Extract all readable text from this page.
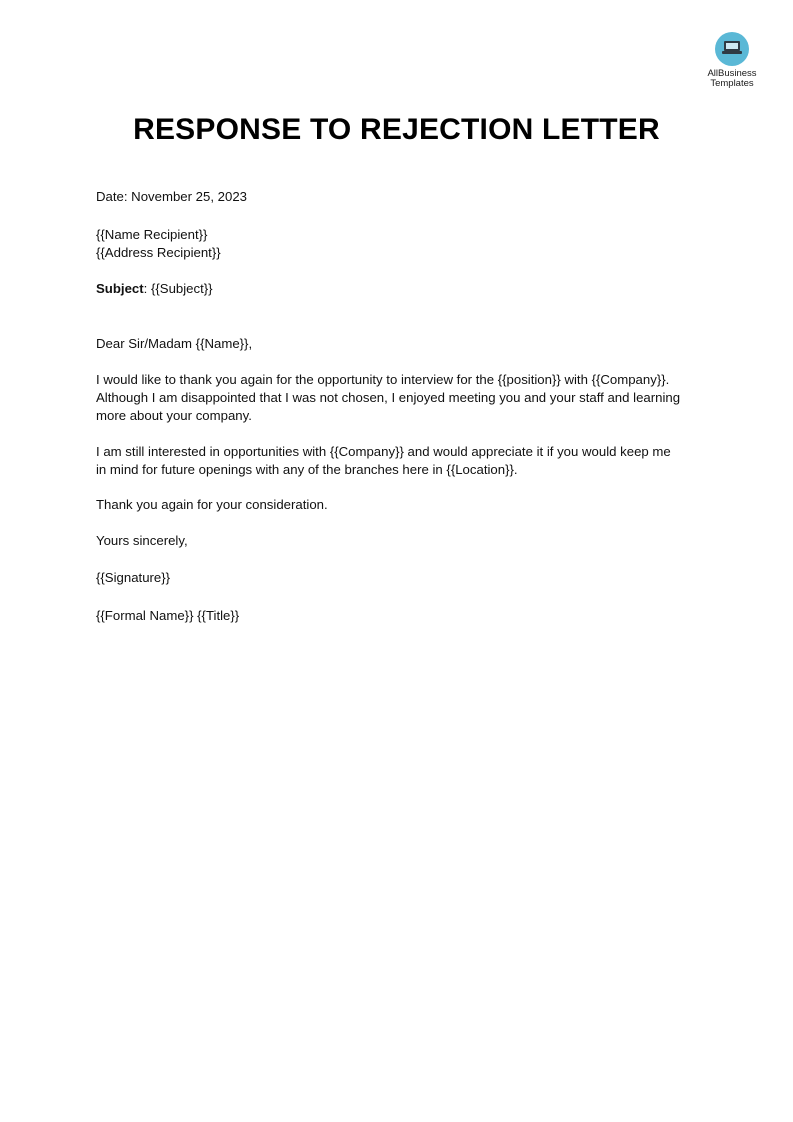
AllBusiness
Templates
RESPONSE TO REJECTION LETTER
Date: November 25, 2023
{{Name Recipient}}
{{Address Recipient}}
Subject: {{Subject}}
Dear Sir/Madam {{Name}},
I would like to thank you again for the opportunity to interview for the {{position}} with {{Company}}.
Although I am disappointed that I was not chosen, I enjoyed meeting you and your staff and learning
more about your company.
I am still interested in opportunities with {{Company}} and would appreciate it if you would keep me
in mind for future openings with any of the branches here in {{Location}}.
Thank you again for your consideration.
Yours sincerely,
{{Signature}}
{{Formal Name}} {{Title}}
